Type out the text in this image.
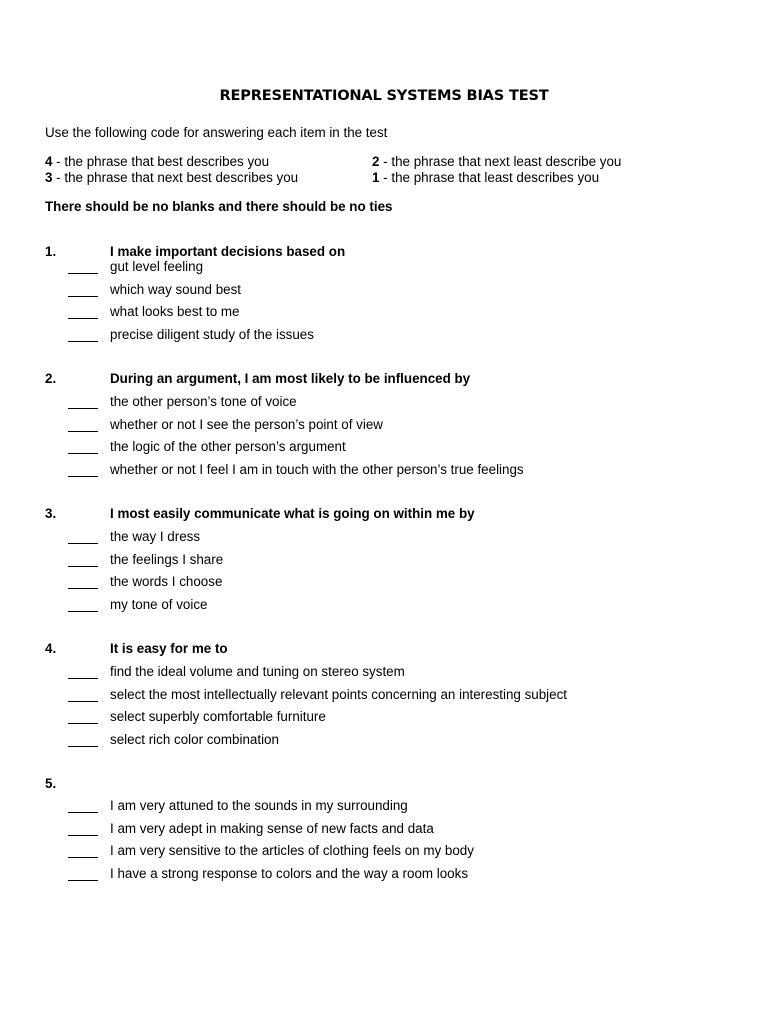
REPRESENTATIONAL SYSTEMS BIAS TEST
Use the following code for answering each item in the test
4 - the phrase that best describes you	2 - the phrase that next least describe you
3 - the phrase that next best describes you	1 - the phrase that least describes you
There should be no blanks and there should be no ties
1.	I make important decisions based on
gut level feeling
which way sound best
what looks best to me
precise diligent study of the issues
2.	During an argument, I am most likely to be influenced by
the other person’s tone of voice
whether or not I see the person’s point of view
the logic of the other person’s argument
whether or not I feel I am in touch with the other person’s true feelings
3.	I most easily communicate what is going on within me by
the way I dress
the feelings I share
the words I choose
my tone of voice
4.	It is easy for me to
find the ideal volume and tuning on stereo system
select the most intellectually relevant points concerning an interesting subject
select superbly comfortable furniture
select rich color combination
5.
I am very attuned to the sounds in my surrounding
I am very adept in making sense of new facts and data
I am very sensitive to the articles of clothing feels on my body
I have a strong response to colors and the way a room looks
